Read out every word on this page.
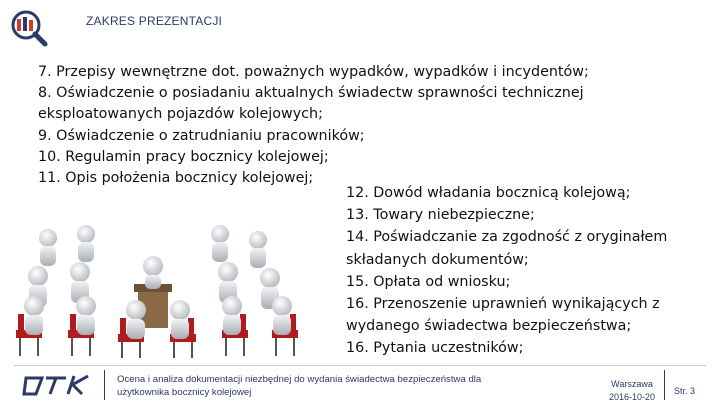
ZAKRES PREZENTACJI
7. Przepisy wewnętrzne dot. poważnych wypadków, wypadków i incydentów;
8. Oświadczenie o posiadaniu aktualnych świadectw sprawności technicznej
eksploatowanych pojazdów kolejowych;
9. Oświadczenie o zatrudnianiu pracowników;
10. Regulamin pracy bocznicy kolejowej;
11. Opis położenia bocznicy kolejowej;
12. Dowód władania bocznicą kolejową;
13. Towary niebezpieczne;
14. Poświadczanie za zgodność z oryginałem
składanych dokumentów;
15. Opłata od wniosku;
16. Przenoszenie uprawnień wynikających z
wydanego świadectwa bezpieczeństwa;
16. Pytania uczestników;
Ocena i analiza dokumentacji niezbędnej do wydania świadectwa bezpieczeństwa dla
użytkownika bocznicy kolejowej
Warszawa
2016-10-20
Str. 3
